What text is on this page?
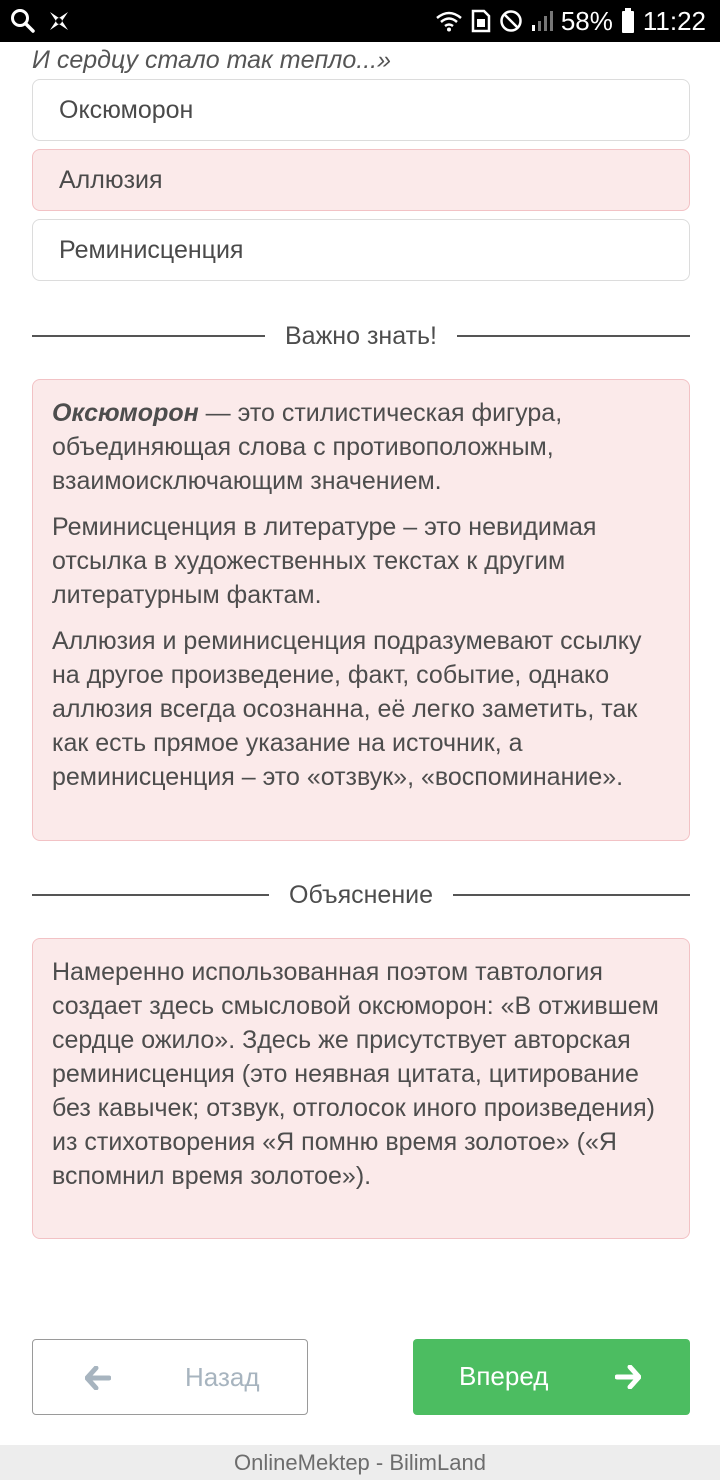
58% 11:22
И сердцу стало так тепло...»
Оксюморон
Аллюзия
Реминисценция
Важно знать!

Оксюморон — это стилистическая фигура, объединяющая слова с противоположным, взаимоисключающим значением.

Реминисценция в литературе – это невидимая отсылка в художественных текстах к другим литературным фактам.

Аллюзия и реминисценция подразумевают ссылку на другое произведение, факт, событие, однако аллюзия всегда осознанна, её легко заметить, так как есть прямое указание на источник, а реминисценция – это «отзвук», «воспоминание».

Объяснение

Намеренно использованная поэтом тавтология создает здесь смысловой оксюморон: «В отжившем сердце ожило». Здесь же присутствует авторская реминисценция (это неявная цитата, цитирование без кавычек; отзвук, отголосок иного произведения) из стихотворения «Я помню время золотое» («Я вспомнил время золотое»).

Назад	Вперед
OnlineMektep - BilimLand
